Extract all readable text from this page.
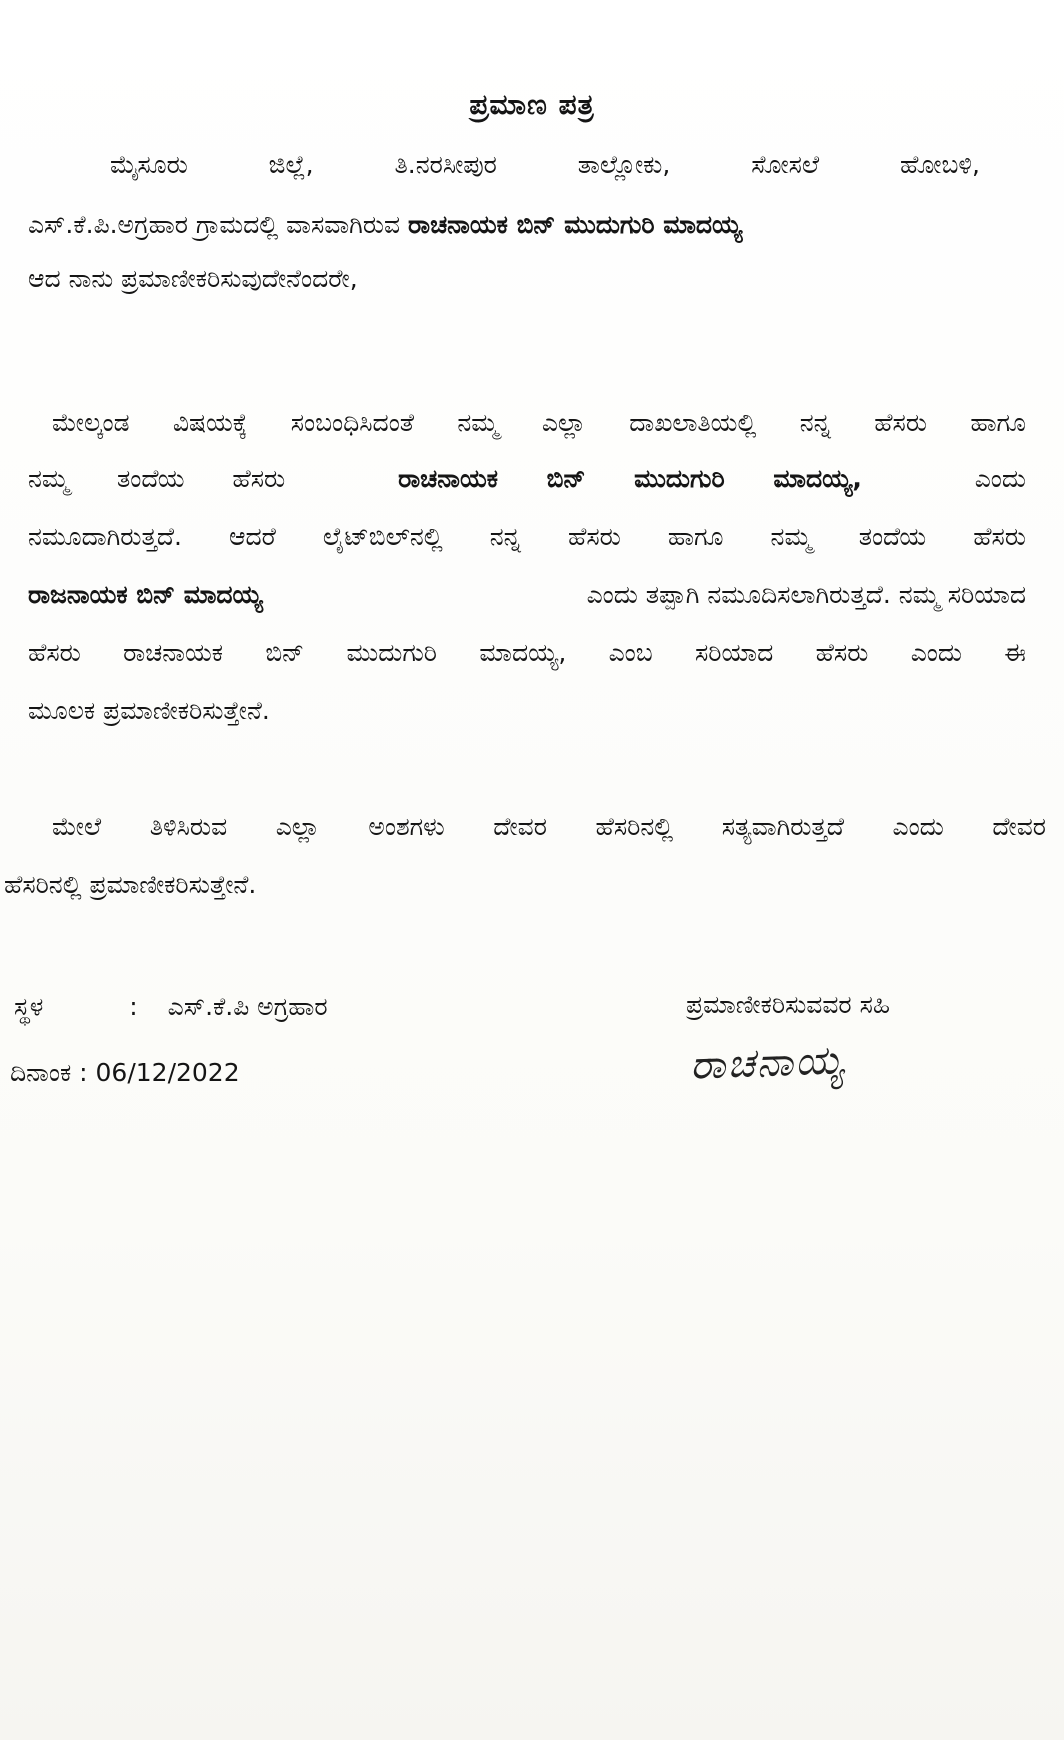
ಪ್ರಮಾಣ ಪತ್ರ
ಮೈಸೂರು	ಜಿಲ್ಲೆ,	ತಿ.ನರಸೀಪುರ	ತಾಲ್ಲೋಕು,	ಸೋಸಲೆ	ಹೋಬಳಿ,
ಎಸ್.ಕೆ.ಪಿ.ಅಗ್ರಹಾರ ಗ್ರಾಮದಲ್ಲಿ ವಾಸವಾಗಿರುವ ರಾಚನಾಯಕ ಬಿನ್ ಮುದುಗುರಿ ಮಾದಯ್ಯ
ಆದ ನಾನು ಪ್ರಮಾಣೀಕರಿಸುವುದೇನೆಂದರೇ,
ಮೇಲ್ಕಂಡ ವಿಷಯಕ್ಕೆ ಸಂಬಂಧಿಸಿದಂತೆ ನಮ್ಮ ಎಲ್ಲಾ ದಾಖಲಾತಿಯಲ್ಲಿ ನನ್ನ ಹೆಸರು ಹಾಗೂ
ನಮ್ಮ ತಂದೆಯ ಹೆಸರು	ರಾಚನಾಯಕ ಬಿನ್ ಮುದುಗುರಿ ಮಾದಯ್ಯ,	ಎಂದು
ನಮೂದಾಗಿರುತ್ತದೆ. ಆದರೆ ಲೈಟ್‌ಬಿಲ್‌ನಲ್ಲಿ ನನ್ನ ಹೆಸರು ಹಾಗೂ ನಮ್ಮ ತಂದೆಯ ಹೆಸರು
ರಾಜನಾಯಕ ಬಿನ್ ಮಾದಯ್ಯ	ಎಂದು ತಪ್ಪಾಗಿ ನಮೂದಿಸಲಾಗಿರುತ್ತದೆ. ನಮ್ಮ ಸರಿಯಾದ
ಹೆಸರು ರಾಚನಾಯಕ ಬಿನ್ ಮುದುಗುರಿ ಮಾದಯ್ಯ, ಎಂಬ ಸರಿಯಾದ ಹೆಸರು ಎಂದು ಈ
ಮೂಲಕ ಪ್ರಮಾಣೀಕರಿಸುತ್ತೇನೆ.
ಮೇಲೆ ತಿಳಿಸಿರುವ ಎಲ್ಲಾ ಅಂಶಗಳು ದೇವರ ಹೆಸರಿನಲ್ಲಿ ಸತ್ಯವಾಗಿರುತ್ತದೆ ಎಂದು ದೇವರ
ಹೆಸರಿನಲ್ಲಿ ಪ್ರಮಾಣೀಕರಿಸುತ್ತೇನೆ.
ಸ್ಥಳ	: ಎಸ್.ಕೆ.ಪಿ ಅಗ್ರಹಾರ
ದಿನಾಂಕ : 06/12/2022
ಪ್ರಮಾಣೀಕರಿಸುವವರ ಸಹಿ
ರಾಚನಾಯ್ಯ
